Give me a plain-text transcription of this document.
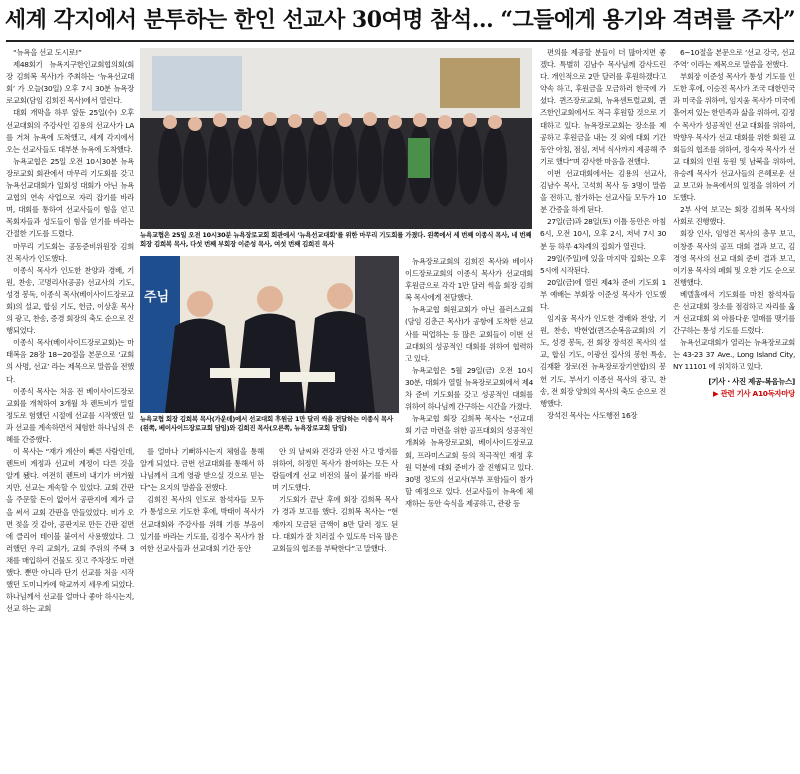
세계 각지에서 분투하는 한인 선교사 30여명 참석… “그들에게 용기와 격려를 주자”
뉴욕교협은 25일 오전 10시30분 뉴욕장로교회 회관에서 ‘뉴욕선교대회’를 위한 마무리 기도회를 가졌다. 왼쪽에서 세 번째 이종식 목사, 네 번째 회장 김희복 목사, 다섯 번째 부회장 이준성 목사, 여섯 번째 김희진 목사
주님
뉴욕교협 회장 김희복 목사(가운데)에서 선교대회 후원금 1만 달러 씩을 전달하는 이종식 목사(왼쪽, 베이사이드장로교회 담임)와 김희진 목사(오른쪽, 뉴욕장로교회 담임)

“뉴욕을 선교 도시로!”

제48회기 뉴욕지구한인교회협의회(회장 김희복 목사)가 주최하는 ‘뉴욕선교대회’ 가 오늘(30일) 오후 7시 30분 뉴욕장로교회(담임 김희진 목사)에서 열린다.

대회 개막을 하루 앞둔 25일(수) 오후 선교대회의 주강사인 김용의 선교사가 LA를 거쳐 뉴욕에 도착했고, 세계 각지에서 오는 선교사들도 대부분 뉴욕에 도착했다.

뉴욕교협은 25일 오전 10시30분 뉴욕장로교회 회관에서 마무리 기도회를 갖고 뉴욕선교대회가 일회성 대회가 아닌 뉴욕교협의 연속 사업으로 자리 잡기를 바라며, 대회를 통하여 선교사들이 힘을 얻고 목회자들과 성도들이 힘을 얻기를 바라는 간절한 기도를 드렸다.

마무리 기도회는 공동준비위원장 김희진 목사가 인도했다.

이종식 목사가 인도한 찬양과 경배, 기원, 찬송, 고명리사(공공) 선교사의 기도, 성경 봉독, 이종식 목사(베이사이드장로교회)의 설교, 합심 기도, 헌금, 이상훈 목사의 광고, 찬송, 증경 회장의 축도 순으로 진행되었다.

이종식 목사(베이사이드장로교회)는 마태복음 28장 18~20절을 본문으로 ‘교회의 사명, 선교’ 라는 제목으로 말씀을 전했다.

이종식 목사는 처음 전 베이사이드장로교회를 개척하여 3개월 차 렌트비가 밀릴 정도로 험했던 시절에 선교를 시작했던 일과 선교를 계속하면서 체험한 하나님의 은혜를 간증했다.

이 목사는 “재가 계산이 빠른 사람인데, 렌트비 계정과 선교비 계정이 다른 것을 알게 됐다. 여전히 렌트비 내기가 버거웠지만, 선교는 계속할 수 있었다. 교회 간판을 주문할 돈이 없어서 공판지에 제가 글을 써서 교회 간판을 만들었었다. 비가 오면 젖을 것 같아, 공판지로 만든 간판 겉면에 클리어 테이블 붙여서 사용했었다. 그러했던 우리 교회가, 교회 주위의 주택 3채를 매입하여 건물도 짓고 주차장도 마련했다. 뿐만 아니라 단기 선교를 처음 시작했던 도미니카에 학교까지 세우게 되었다. 하나님께서 선교를 얼마나 좋아 하시는지, 선교 하는 교회

를 얼마나 기뻐하시는지 체험을 통해 알게 되었다. 금번 선교대회를 통해서 하나님께서 크게 영광 받으실 것으로 믿는다”는 요지의 말씀을 전했다.

김희진 목사의 인도로 참석자들 모두가 통성으로 기도한 후에, 박태이 목사가 선교대회와 주강사를 위해 기름 부음이 있기를 바라는 기도를, 김정수 목사가 참여한 선교사들과 선교대회 기간 동안

안 의 날씨와 건강과 안전 사고 방지를 위하여, 허정민 목사가 참여하는 모든 사람들에게 선교 비전의 불이 붙기를 바라며 기도했다.

기도회가 끝난 후에 회장 김희복 목사가 경과 보고를 했다. 김희복 목사는 “현재까지 모금된 금액이 8만 달러 정도 된다. 대회가 잘 치러질 수 있도록 더욱 많은 교회들의 협조를 부탁한다”고 말했다.

뉴욕장로교회의 김희진 목사와 베이사이드장로교회의 이종식 목사가 선교대회 후원금으로 각각 1만 달러 씩을 회장 김희복 목사에게 전달했다.

뉴욕교협 회원교회가 아닌 플러스교회(담임 김춘근 목사)가 공항에 도착한 선교사를 픽업하는 등 많은 교회들이 이번 선교대회의 성공적인 대회를 위하여 협력하고 있다.

뉴욕교협은 5월 29일(금) 오전 10시 30분, 대회가 열릴 뉴욕장로교회에서 제4차 준비 기도회를 갖고 성공적인 대회를 위하여 하나님께 간구하는 시간을 가졌다.

뉴욕교협 회장 김희복 목사는 “선교대회 기금 마련을 위한 골프대회의 성공적인 개최와 뉴욕장로교회, 베이사이드장로교회, 프라미스교회 등의 적극적인 재정 후원 덕분에 대회 준비가 잘 진행되고 있다. 30명 정도의 선교사(부부 포함)들이 참가할 예정으로 있다. 선교사들이 뉴욕에 체재하는 동안 숙식을 제공하고, 관광 등

편의를 제공할 분들이 더 많아지면 좋겠다. 특별히 김남수 목사님께 감사드린다. 개인적으로 2만 달러를 후원하겠다고 약속 하고, 후원금을 모금하러 한국에 가셨다. 퀸즈장로교회, 뉴욕센트럴교회, 퀸즈한인교회에서도 적극 후원할 것으로 기대하고 있다. 뉴욕장로교회는 장소를 제공하고 후원금을 내는 것 외에 대회 기간 동안 아침, 점심, 저녁 식사까지 제공해 주기로 했다”며 감사한 마음을 전했다.

이번 선교대회에서는 김용의 선교사, 김남수 목사, 고석희 목사 등 3명이 말씀을 전하고, 참가하는 선교사들 모두가 10분 간증을 하게 된다.

27일(금)과 28일(토) 이틀 동안은 아침 6시, 오전 10시, 오후 2시, 저녁 7시 30분 등 하루 4차례의 집회가 열린다.

29일(주일)에 있을 마지막 집회는 오후 5시에 시작된다.

20일(금)에 열린 제4차 준비 기도회 1부 예배는 부회장 이준성 목사가 인도했다.

임지움 목사가 인도한 경배와 찬양, 기원, 찬송, 박현엽(퀸즈순복음교회)의 기도, 성경 봉독, 전 회장 장석진 목사의 설교, 합심 기도, 이광선 집사의 봉헌 특송, 김재환 장로(전 뉴욕장로장기연합)의 봉헌 기도, 부서기 이종선 목사의 광고, 찬송, 전 회장 양희의 목사의 축도 순으로 진행했다.

장석진 목사는 사도행전 16장

6~10절을 본문으로 ‘선교 강국, 선교 주역’ 이라는 제목으로 말씀을 전했다.

부회장 이준성 목사가 통성 기도를 인도한 후에, 이승진 목사가 조국 대한민국과 미국을 위하여, 임지움 목사가 미국에 흩어져 있는 한민족과 삶을 위하여, 김정수 목사가 성공적인 선교 대회를 위하여, 박향우 목사가 선교 대회를 위한 회원 교회들의 협조를 위하여, 정숙자 목사가 선교 대회의 인원 동원 및 남북을 위하여, 유승례 목사가 선교사들의 은혜로운 선교 보고와 뉴욕에서의 일정을 위하여 기도했다.

2부 사역 보고는 회장 김희복 목사의 사회로 진행했다.

회장 인사, 임영건 목사의 총무 보고, 이창종 목사의 골프 대회 결과 보고, 김경영 목사의 선교 대회 준비 결과 보고, 이기용 목사의 폐회 및 오찬 기도 순으로 진행했다.

베델홀에서 기도회를 마친 참석자들은 선교대회 장소를 점검하고 자리를 옮겨 선교대회 외 아름다운 열매를 맺기를 간구하는 통성 기도를 드렸다.

뉴욕선교대회가 열리는 뉴욕장로교회는 43-23 37 Ave., Long Island City, NY 11101 에 위치하고 있다.

[기사 · 사진 제공-복음뉴스]
▶ 관련 기사 A10독자마당
